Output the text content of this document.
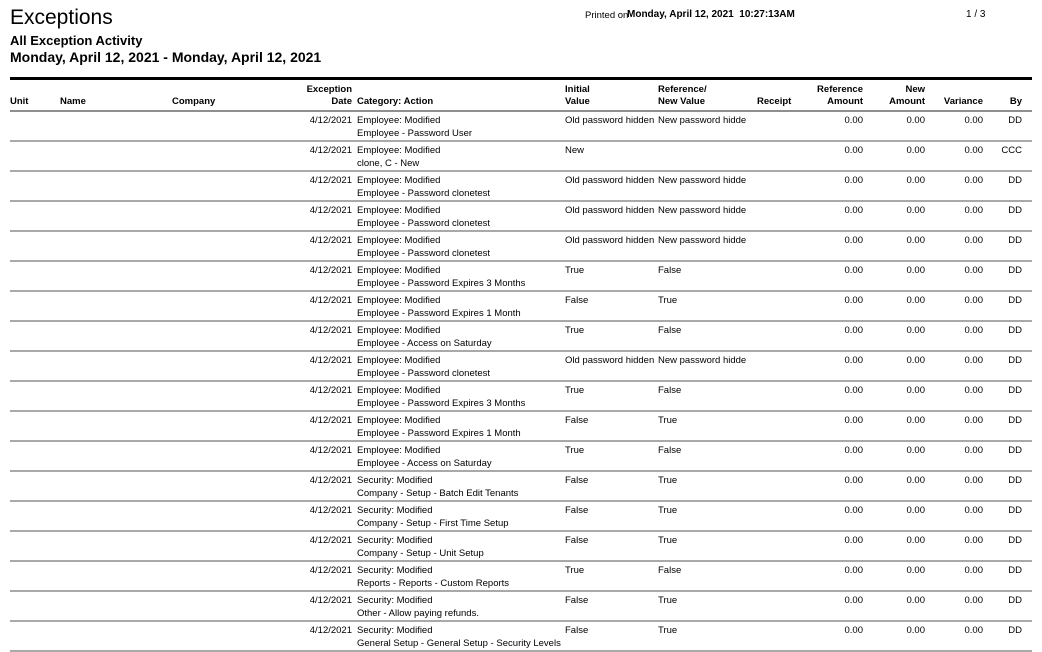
Exceptions
All Exception Activity
Monday, April 12, 2021 - Monday, April 12, 2021
Printed on
Monday, April 12, 2021  10:27:13AM	1 / 3
			Exception		Initial	Reference/		Reference	New		
Unit	Name	Company	Date	Category: Action	Value	New Value	Receipt	Amount	Amount	Variance	By
			4/12/2021	Employee: Modified	Old password hidden	New password hidde		0.00	0.00	0.00	DD
				Employee - Password User							
			4/12/2021	Employee: Modified	New			0.00	0.00	0.00	CCC
				clone, C - New							
			4/12/2021	Employee: Modified	Old password hidden	New password hidde		0.00	0.00	0.00	DD
				Employee - Password clonetest							
			4/12/2021	Employee: Modified	Old password hidden	New password hidde		0.00	0.00	0.00	DD
				Employee - Password clonetest							
			4/12/2021	Employee: Modified	Old password hidden	New password hidde		0.00	0.00	0.00	DD
				Employee - Password clonetest							
			4/12/2021	Employee: Modified	True	False		0.00	0.00	0.00	DD
				Employee - Password Expires 3 Months							
			4/12/2021	Employee: Modified	False	True		0.00	0.00	0.00	DD
				Employee - Password Expires 1 Month							
			4/12/2021	Employee: Modified	True	False		0.00	0.00	0.00	DD
				Employee - Access on Saturday							
			4/12/2021	Employee: Modified	Old password hidden	New password hidde		0.00	0.00	0.00	DD
				Employee - Password clonetest							
			4/12/2021	Employee: Modified	True	False		0.00	0.00	0.00	DD
				Employee - Password Expires 3 Months							
			4/12/2021	Employee: Modified	False	True		0.00	0.00	0.00	DD
				Employee - Password Expires 1 Month							
			4/12/2021	Employee: Modified	True	False		0.00	0.00	0.00	DD
				Employee - Access on Saturday							
			4/12/2021	Security: Modified	False	True		0.00	0.00	0.00	DD
				Company - Setup - Batch Edit Tenants							
			4/12/2021	Security: Modified	False	True		0.00	0.00	0.00	DD
				Company - Setup - First Time Setup							
			4/12/2021	Security: Modified	False	True		0.00	0.00	0.00	DD
				Company - Setup - Unit Setup							
			4/12/2021	Security: Modified	True	False		0.00	0.00	0.00	DD
				Reports - Reports - Custom Reports							
			4/12/2021	Security: Modified	False	True		0.00	0.00	0.00	DD
				Other - Allow paying refunds.							
			4/12/2021	Security: Modified	False	True		0.00	0.00	0.00	DD
				General Setup - General Setup - Security Levels							
